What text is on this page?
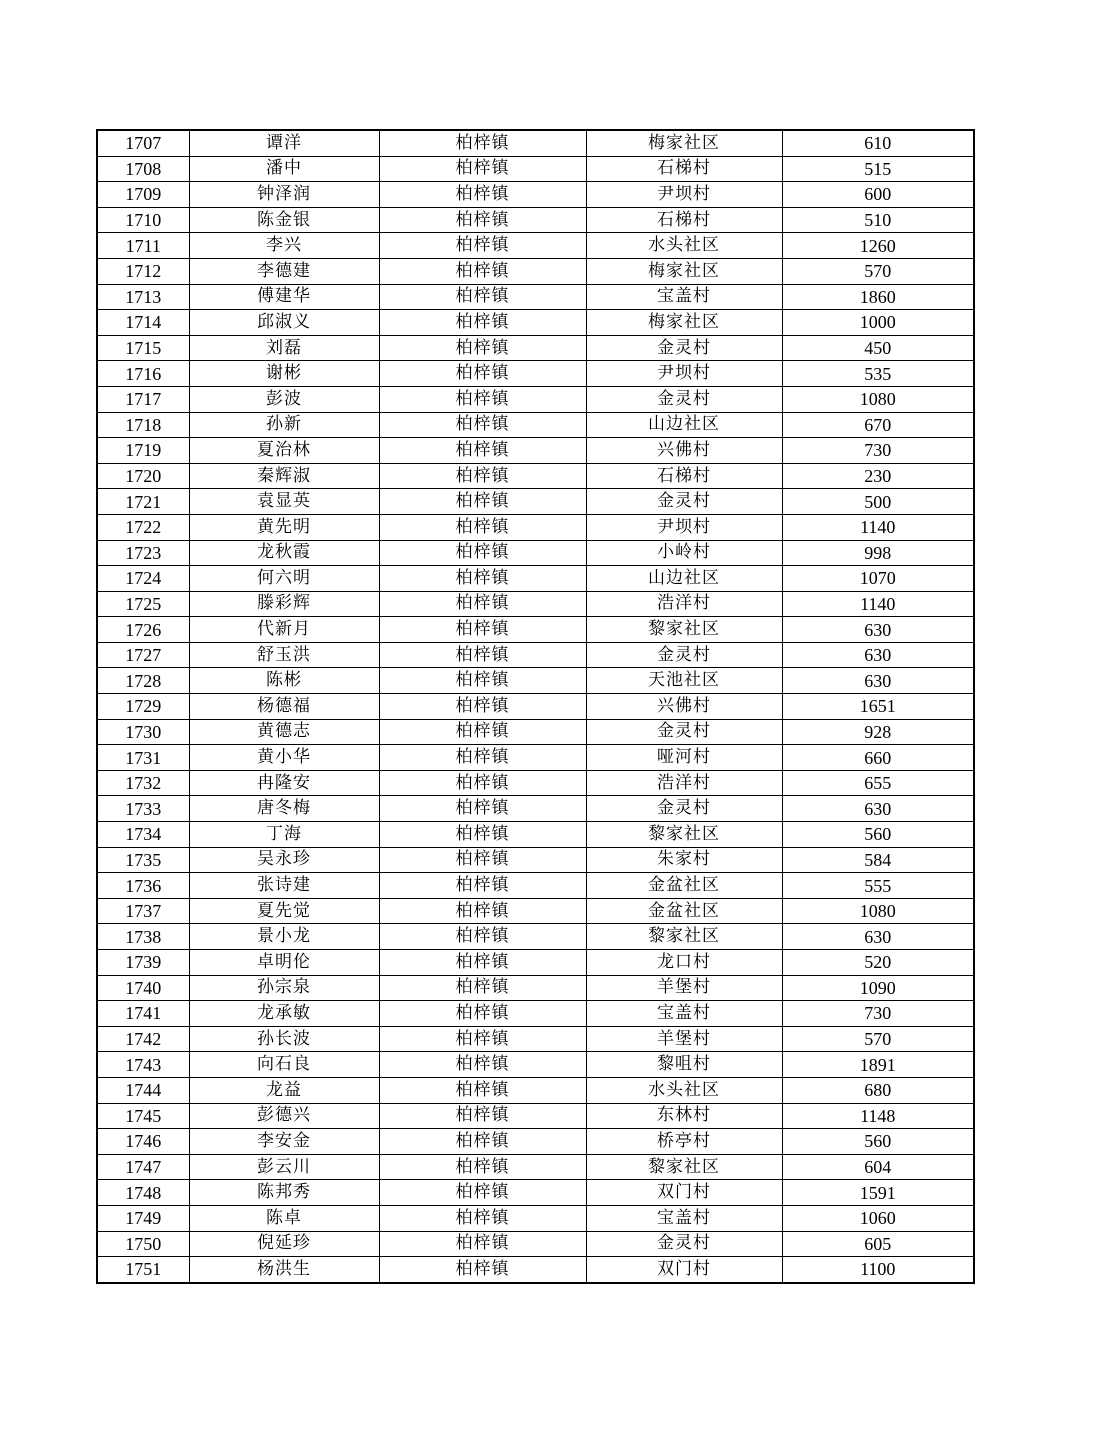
1707	谭洋	柏梓镇	梅家社区	610
1708	潘中	柏梓镇	石梯村	515
1709	钟泽润	柏梓镇	尹坝村	600
1710	陈金银	柏梓镇	石梯村	510
1711	李兴	柏梓镇	水头社区	1260
1712	李德建	柏梓镇	梅家社区	570
1713	傅建华	柏梓镇	宝盖村	1860
1714	邱淑义	柏梓镇	梅家社区	1000
1715	刘磊	柏梓镇	金灵村	450
1716	谢彬	柏梓镇	尹坝村	535
1717	彭波	柏梓镇	金灵村	1080
1718	孙新	柏梓镇	山边社区	670
1719	夏治林	柏梓镇	兴佛村	730
1720	秦辉淑	柏梓镇	石梯村	230
1721	袁显英	柏梓镇	金灵村	500
1722	黄先明	柏梓镇	尹坝村	1140
1723	龙秋霞	柏梓镇	小岭村	998
1724	何六明	柏梓镇	山边社区	1070
1725	滕彩辉	柏梓镇	浩洋村	1140
1726	代新月	柏梓镇	黎家社区	630
1727	舒玉洪	柏梓镇	金灵村	630
1728	陈彬	柏梓镇	天池社区	630
1729	杨德福	柏梓镇	兴佛村	1651
1730	黄德志	柏梓镇	金灵村	928
1731	黄小华	柏梓镇	哑河村	660
1732	冉隆安	柏梓镇	浩洋村	655
1733	唐冬梅	柏梓镇	金灵村	630
1734	丁海	柏梓镇	黎家社区	560
1735	吴永珍	柏梓镇	朱家村	584
1736	张诗建	柏梓镇	金盆社区	555
1737	夏先觉	柏梓镇	金盆社区	1080
1738	景小龙	柏梓镇	黎家社区	630
1739	卓明伦	柏梓镇	龙口村	520
1740	孙宗泉	柏梓镇	羊堡村	1090
1741	龙承敏	柏梓镇	宝盖村	730
1742	孙长波	柏梓镇	羊堡村	570
1743	向石良	柏梓镇	黎咀村	1891
1744	龙益	柏梓镇	水头社区	680
1745	彭德兴	柏梓镇	东林村	1148
1746	李安金	柏梓镇	桥亭村	560
1747	彭云川	柏梓镇	黎家社区	604
1748	陈邦秀	柏梓镇	双门村	1591
1749	陈卓	柏梓镇	宝盖村	1060
1750	倪延珍	柏梓镇	金灵村	605
1751	杨洪生	柏梓镇	双门村	1100
